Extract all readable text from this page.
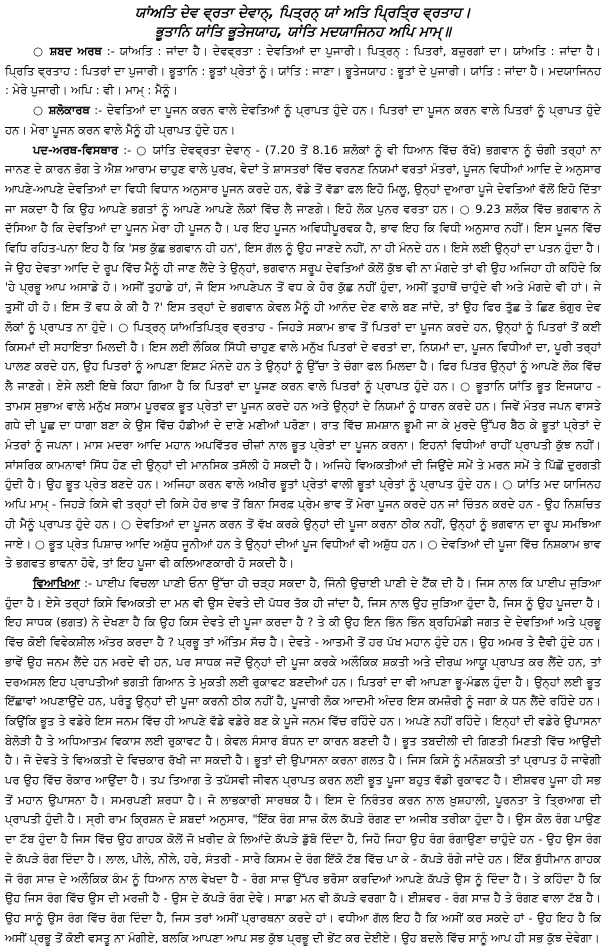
ਯਾਂਅਤਿ ਦੇਵ ਵ੍ਰਤਾ ਦੇਵਾਨ੍, ਪਿਤ੍ਰਨ੍ ਯਾਂ ਅਤਿ ਪ੍ਰਿਤ੍ਰਿ ਵ੍ਰਤਾਹ।

ਭੂਤਾਨਿ ਯਾਂਤਿ ਭੂਤੇਜਯਾਹ, ਯਾਂਤਿ ਮਦਯਾਜਿਨਹ ਅਪਿ ਮਾਮ੍॥

○ ਸ਼ਬਦ ਅਰਥ :- ਯਾਂਅਤਿ : ਜਾਂਦਾ ਹੈ। ਦੇਵਵ੍ਰਤਾ : ਦੇਵਤਿਆਂ ਦਾ ਪੁਜਾਰੀ। ਪਿਤ੍ਰਨ੍ : ਪਿਤਰਾਂ, ਬਜ਼ੁਰਗਾਂ ਦਾ। ਯਾਂਅਤਿ : ਜਾਂਦਾ ਹੈ। ਪ੍ਰਿਤਿ ਵ੍ਰਤਾਹ : ਪਿਤਰਾਂ ਦਾ ਪੁਜਾਰੀ। ਭੂਤਾਨਿ : ਭੂਤਾਂ ਪ੍ਰੇਤਾਂ ਨੂੰ। ਯਾਂਤਿ : ਜਾਣਾ। ਭੂਤੇਜਯਾਹ : ਭੂਤਾਂ ਦੇ ਪੁਜਾਰੀ। ਯਾਂਤਿ : ਜਾਂਦਾ ਹੈ। ਮਦਯਾਜਿਨਹ : ਮੇਰੇ ਪੁਜਾਰੀ। ਅਪਿ : ਵੀ। ਮਾਮ੍ : ਮੈਨੂੰ।

○ ਸ਼ਲੋਕਾਰਥ :- ਦੇਵਤਿਆਂ ਦਾ ਪੂਜਨ ਕਰਨ ਵਾਲੇ ਦੇਵਤਿਆਂ ਨੂੰ ਪ੍ਰਾਪਤ ਹੁੰਦੇ ਹਨ। ਪਿਤਰਾਂ ਦਾ ਪੂਜਨ ਕਰਨ ਵਾਲੇ ਪਿਤਰਾਂ ਨੂੰ ਪ੍ਰਾਪਤ ਹੁੰਦੇ ਹਨ। ਮੇਰਾ ਪੂਜਨ ਕਰਨ ਵਾਲੇ ਮੈਨੂੰ ਹੀ ਪ੍ਰਾਪਤ ਹੁੰਦੇ ਹਨ।

ਪਦ-ਅਰਥ-ਵਿਸਥਾਰ :- ○ ਯਾਂਤਿ ਦੇਵਵ੍ਰਤਾ ਦੇਵਾਨ੍ - (7.20 ਤੋਂ 8.16 ਸ਼ਲੋਕਾਂ ਨੂੰ ਵੀ ਧਿਆਨ ਵਿੱਚ ਰੱਖੋ) ਭਗਵਾਨ ਨੂੰ ਚੰਗੀ ਤਰ੍ਹਾਂ ਨਾ ਜਾਨਣ ਦੇ ਕਾਰਨ ਭੋਗ ਤੇ ਐਸ਼ ਆਰਾਮ ਚਾਹੁਣ ਵਾਲੇ ਪੁਰਖ, ਵੇਦਾਂ ਤੇ ਸ਼ਾਸਤਰਾਂ ਵਿੱਚ ਵਰਨਣ ਨਿਯਮਾਂ ਵਰਤਾਂ ਮੰਤਰਾਂ, ਪੂਜਨ ਵਿਧੀਆਂ ਆਦਿ ਦੇ ਅਨੁਸਾਰ ਆਪਣੇ-ਆਪਣੇ ਦੇਵਤਿਆਂ ਦਾ ਵਿਧੀ ਵਿਧਾਨ ਅਨੁਸਾਰ ਪੂਜਨ ਕਰਦੇ ਹਨ, ਵੱਡੇ ਤੋਂ ਵੱਡਾ ਫਲ ਇਹੋ ਮਿਲੂ, ਉਨ੍ਹਾਂ ਦੁਆਰਾ ਪੂਜੇ ਦੇਵਤਿਆਂ ਵੱਲੋਂ ਇਹੋ ਦਿੱਤਾ ਜਾ ਸਕਦਾ ਹੈ ਕਿ ਉਹ ਆਪਣੇ ਭਗਤਾਂ ਨੂੰ ਆਪਣੇ ਆਪਣੇ ਲੋਕਾਂ ਵਿੱਚ ਲੈ ਜਾਣਗੇ। ਇਹੋ ਲੋਕ ਪੁਨਰ ਵਰਤਾ ਹਨ। ○ 9.23 ਸ਼ਲੋਕ ਵਿੱਚ ਭਗਵਾਨ ਨੇ ਦੱਸਿਆ ਹੈ ਕਿ ਦੇਵਤਿਆਂ ਦਾ ਪੂਜਨ ਮੇਰਾ ਹੀ ਪੂਜਨ ਹੈ। ਪਰ ਇਹ ਪੂਜਨ ਅਵਿਧੀਪੂਰਵਕ ਹੈ, ਭਾਵ ਇਹ ਕਿ ਵਿਧੀ ਅਨੁਸਾਰ ਨਹੀਂ। ਇਸ ਪੂਜਨ ਵਿੱਚ ਵਿਧਿ ਰਹਿਤ-ਪਨਾ ਇਹ ਹੈ ਕਿ 'ਸਭ ਕੁੱਛ ਭਗਵਾਨ ਹੀ ਹਨ', ਇਸ ਗੱਲ ਨੂੰ ਉਹ ਜਾਣਦੇ ਨਹੀਂ, ਨਾ ਹੀ ਮੰਨਦੇ ਹਨ। ਇਸੇ ਲਈ ਉਨ੍ਹਾਂ ਦਾ ਪਤਨ ਹੁੰਦਾ ਹੈ। ਜੇ ਉਹ ਦੇਵਤਾ ਆਦਿ ਦੇ ਰੂਪ ਵਿੱਚ ਮੈਨੂੰ ਹੀ ਜਾਣ ਲੈਂਦੇ ਤੇ ਉਨ੍ਹਾਂ, ਭਗਵਾਨ ਸਰੂਪ ਦੇਵਤਿਆਂ ਕੋਲੋਂ ਕੁੱਝ ਵੀ ਨਾ ਮੰਗਦੇ ਤਾਂ ਵੀ ਉਹ ਅਜਿਹਾ ਹੀ ਕਹਿੰਦੇ ਕਿ 'ਹੇ ਪ੍ਰਭੂ ਆਪ ਅਸਾਡੇ ਹੋ। ਅਸੀਂ ਤੁਹਾਡੇ ਹਾਂ, ਜੋ ਇਸ ਆਪਣੇਪਨ ਤੋਂ ਵਧ ਕੇ ਹੋਰ ਕੁੱਛ ਨਹੀਂ ਹੁੰਦਾ, ਅਸੀਂ ਤੁਹਾਥੋਂ ਚਾਹੁੰਦੇ ਵੀ ਅਤੇ ਮੰਗਦੇ ਵੀ ਹਾਂ। ਜੇ ਤੁਸੀਂ ਹੀ ਹੋ। ਇਸ ਤੋਂ ਵਧ ਕੇ ਕੀ ਹੈ ?' ਇਸ ਤਰ੍ਹਾਂ ਦੇ ਭਗਵਾਨ ਕੇਵਲ ਮੈਨੂੰ ਹੀ ਆਨੰਦ ਦੇਣ ਵਾਲੇ ਬਣ ਜਾਂਦੇ, ਤਾਂ ਉਹ ਫਿਰ ਤੁੱਛ ਤੇ ਛਿਣ ਭੰਗੁਰ ਦੇਵ ਲੋਕਾਂ ਨੂੰ ਪ੍ਰਾਪਤ ਨਾ ਹੁੰਦੇ। ○ ਪਿਤ੍ਰਨ੍ ਯਾਂਅਤਿਪਿਤ੍ਰ ਵ੍ਰਤਾਹ - ਜਿਹੜੇ ਸਕਾਮ ਭਾਵ ਤੋਂ ਪਿਤਰਾਂ ਦਾ ਪੂਜਨ ਕਰਦੇ ਹਨ, ਉਨ੍ਹਾਂ ਨੂੰ ਪਿਤਰਾਂ ਤੋਂ ਕਈ ਕਿਸਮਾਂ ਦੀ ਸਹਾਇਤਾ ਮਿਲਦੀ ਹੈ। ਇਸ ਲਈ ਲੌਕਿਕ ਸਿੱਧੀ ਚਾਹੁਣ ਵਾਲੇ ਮਨੁੱਖ ਪਿਤਰਾਂ ਦੇ ਵਰਤਾਂ ਦਾ, ਨਿਯਮਾਂ ਦਾ, ਪੂਜਨ ਵਿਧੀਆਂ ਦਾ, ਪੂਰੀ ਤਰ੍ਹਾਂ ਪਾਲਣ ਕਰਦੇ ਹਨ, ਉਹ ਪਿਤਰਾਂ ਨੂੰ ਆਪਣਾ ਇਸ਼ਟ ਮੰਨਦੇ ਹਨ ਤੇ ਉਨ੍ਹਾਂ ਨੂੰ ਉੱਚਾ ਤੇ ਚੰਗਾ ਫਲ ਮਿਲਦਾ ਹੈ। ਫਿਰ ਪਿਤਰ ਉਨ੍ਹਾਂ ਨੂੰ ਆਪਣੇ ਲੋਕ ਵਿੱਚ ਲੈ ਜਾਣਗੇ। ਏਸੇ ਲਈ ਇਥੇ ਕਿਹਾ ਗਿਆ ਹੈ ਕਿ ਪਿਤਰਾਂ ਦਾ ਪੂਜਣ ਕਰਨ ਵਾਲੇ ਪਿਤਰਾਂ ਨੂੰ ਪ੍ਰਾਪਤ ਹੁੰਦੇ ਹਨ। ○ ਭੂਤਾਨਿ ਯਾਂਤਿ ਭੂਤ ਇਜਯਾਹ - ਤਾਮਸ ਸੁਭਾਅ ਵਾਲੇ ਮਨੁੱਖ ਸਕਾਮ ਪੂਰਵਕ ਭੂਤ ਪ੍ਰੇਤਾਂ ਦਾ ਪੂਜਨ ਕਰਦੇ ਹਨ ਅਤੇ ਉਨ੍ਹਾਂ ਦੇ ਨਿਯਮਾਂ ਨੂੰ ਧਾਰਨ ਕਰਦੇ ਹਨ। ਜਿਵੇਂ ਮੰਤਰ ਜਪਨ ਵਾਸਤੇ ਗਧੇ ਦੀ ਪੂਛ ਦਾ ਧਾਗਾ ਬਣਾ ਕੇ ਉਸ ਵਿੱਚ ਹੱਡੀਆਂ ਦੇ ਦਾਣੇ ਮਣੀਆਂ ਪਰੋਣਾ। ਰਾਤ ਵਿੱਚ ਸ਼ਮਸ਼ਾਨ ਭੂਮੀ ਜਾ ਕੇ ਮੁਰਦੇ ਉੱਪਰ ਬੈਠ ਕੇ ਭੂਤਾਂ ਪ੍ਰੇਤਾਂ ਦੇ ਮੰਤਰਾਂ ਨੂੰ ਜਪਨਾ। ਮਾਸ ਮਦਰਾ ਆਦਿ ਮਹਾਨ ਅਪਵਿੱਤਰ ਚੀਜ਼ਾਂ ਨਾਲ ਭੂਤ ਪ੍ਰੇਤਾਂ ਦਾ ਪੂਜਨ ਕਰਨਾ। ਇਹਨਾਂ ਵਿਧੀਆਂ ਰਾਹੀਂ ਪ੍ਰਾਪਤੀ ਕੁੱਝ ਨਹੀਂ। ਸਾਂਸਰਿਕ ਕਾਮਨਾਵਾਂ ਸਿੱਧ ਹੋਣ ਦੀ ਉਨ੍ਹਾਂ ਦੀ ਮਾਨਸਿਕ ਤਸੱਲੀ ਹੋ ਸਕਦੀ ਹੈ। ਅਜਿਹੇ ਵਿਅਕਤੀਆਂ ਦੀ ਜਿਉਂਦੇ ਸਮੇਂ ਤੇ ਮਰਨ ਸਮੇਂ ਤੇ ਪਿੱਛੋਂ ਦੁਰਗਤੀ ਹੁੰਦੀ ਹੈ। ਉਹ ਭੂਤ ਪ੍ਰੇਤ ਬਣਦੇ ਹਨ। ਅਜਿਹਾ ਕਰਨ ਵਾਲੇ ਅਖ਼ੀਰ ਭੂਤਾਂ ਪ੍ਰੇਤਾਂ ਵਾਲੀ ਭੂਤਾਂ ਪ੍ਰੇਤਾਂ ਨੂੰ ਪ੍ਰਾਪਤ ਹੁੰਦੇ ਹਨ। ○ ਯਾਂਤਿ ਮਦ ਯਾਜਿਨਹ ਅਪਿ ਮਾਮ੍ - ਜਿਹੜੇ ਕਿਸੇ ਵੀ ਤਰ੍ਹਾਂ ਦੀ ਕਿਸੇ ਹੋਰ ਭਾਵ ਤੋਂ ਬਿਨਾ ਸਿਰਫ਼ ਪ੍ਰੇਮ ਭਾਵ ਤੋਂ ਮੇਰਾ ਪੂਜਨ ਕਰਦੇ ਹਨ ਜਾਂ ਚਿੰਤਨ ਕਰਦੇ ਹਨ - ਉਹ ਨਿਸ਼ਚਿਤ ਹੀ ਮੈਨੂੰ ਪ੍ਰਾਪਤ ਹੁੰਦੇ ਹਨ। ○ ਦੇਵਤਿਆਂ ਦਾ ਪੂਜਨ ਕਰਨ ਤੋਂ ਵੱਖ ਕਰਕੇ ਉਨ੍ਹਾਂ ਦੀ ਪੂਜਾ ਕਰਨਾ ਠੀਕ ਨਹੀਂ, ਉਨ੍ਹਾਂ ਨੂੰ ਭਗਵਾਨ ਦਾ ਰੂਪ ਸਮਝਿਆ ਜਾਏ। ○ ਭੂਤ ਪ੍ਰੇਤ ਪਿਸ਼ਾਚ ਆਦਿ ਅਸ਼ੁੱਧ ਜੂਨੀਆਂ ਹਨ ਤੇ ਉਨ੍ਹਾਂ ਦੀਆਂ ਪੂਜ ਵਿਧੀਆਂ ਵੀ ਅਸ਼ੁੱਧ ਹਨ। ○ ਦੇਵਤਿਆਂ ਦੀ ਪੂਜਾ ਵਿੱਚ ਨਿਸ਼ਕਾਮ ਭਾਵ ਤੇ ਭਗਵਤ ਭਾਵਨਾ ਹੋਵੇ, ਤਾਂ ਇਹ ਪੂਜਾ ਵੀ ਕਲਿਆਣਕਾਰੀ ਹੋ ਸਕਦੀ ਹੈ।

ਵਿਆਖਿਆ :- ਪਾਈਪ ਵਿਚਲਾ ਪਾਣੀ ਓਨਾ ਉੱਚਾ ਹੀ ਚੜ੍ਹ ਸਕਦਾ ਹੈ, ਜਿੰਨੀ ਉਚਾਈ ਪਾਣੀ ਦੇ ਟੈਂਕ ਦੀ ਹੈ। ਜਿਸ ਨਾਲ ਕਿ ਪਾਈਪ ਜੁੜਿਆ ਹੁੰਦਾ ਹੈ। ਏਸੇ ਤਰ੍ਹਾਂ ਕਿਸੇ ਵਿਅਕਤੀ ਦਾ ਮਨ ਵੀ ਉਸ ਦੇਵਤੇ ਦੀ ਪੱਧਰ ਤੱਕ ਹੀ ਜਾਂਦਾ ਹੈ, ਜਿਸ ਨਾਲ ਉਹ ਜੁੜਿਆ ਹੁੰਦਾ ਹੈ, ਜਿਸ ਨੂੰ ਉਹ ਪੂਜਦਾ ਹੈ। ਇਹ ਸਾਧਕ (ਭਗਤ) ਨੇ ਦੇਖਣਾ ਹੈ ਕਿ ਉਹ ਕਿਸ ਦੇਵਤੇ ਦੀ ਪੂਜਾ ਕਰਦਾ ਹੈ ? ਤੇ ਕੀ ਉਹ ਇਨ ਭਿੰਨ ਭਿੰਨ ਬ੍ਰਹਿਮੰਡੀ ਜਗਤ ਦੇ ਦੇਵਤਿਆਂ ਅਤੇ ਪ੍ਰਭੂ ਵਿੱਚ ਕੋਈ ਵਿਵੇਕਸ਼ੀਲ ਅੰਤਰ ਕਰਦਾ ਹੈ ? ਪ੍ਰਭੂ ਤਾਂ ਅੰਤਿਮ ਸੱਚ ਹੈ। ਦੇਵਤੇ - ਆਤਮੀ ਤੋਂ ਹਰ ਪੱਖ ਮਹਾਨ ਹੁੰਦੇ ਹਨ। ਉਹ ਅਮਰ ਤੇ ਦੈਵੀ ਹੁੰਦੇ ਹਨ। ਭਾਵੇਂ ਉਹ ਜਨਮ ਲੈਂਦੇ ਹਨ ਮਰਦੇ ਵੀ ਹਨ, ਪਰ ਸਾਧਕ ਜਦੋਂ ਉਨ੍ਹਾਂ ਦੀ ਪੂਜਾ ਕਰਕੇ ਅਲੌਕਿਕ ਸ਼ਕਤੀ ਅਤੇ ਦੀਰਘ ਆਯੂ ਪ੍ਰਾਪਤ ਕਰ ਲੈਂਦੇ ਹਨ, ਤਾਂ ਦਰਅਸਲ ਇਹ ਪ੍ਰਾਪਤੀਆਂ ਭਗਤੀ ਗਿਆਨ ਤੇ ਮੁਕਤੀ ਲਈ ਰੁਕਾਵਟ ਬਣਦੀਆਂ ਹਨ। ਪਿਤਰਾਂ ਦਾ ਵੀ ਆਪਣਾ ਭੂ-ਮੰਡਲ ਹੁੰਦਾ ਹੈ। ਉਨ੍ਹਾਂ ਲਈ ਭੂਤ ਇੱਛਾਵਾਂ ਅਪਣਾਉਂਦੇ ਹਨ, ਪਰੰਤੂ ਉਨ੍ਹਾਂ ਦੀ ਪੂਜਾ ਕਰਨੀ ਠੀਕ ਨਹੀਂ ਹੈ, ਪੂਜਾਰੀ ਲੋਕ ਆਦਮੀ ਅੰਦਰ ਇਸ ਕਮਜ਼ੋਰੀ ਨੂੰ ਜਗਾ ਕੇ ਧਨ ਲੈਂਦੇ ਰਹਿੰਦੇ ਹਨ। ਕਿਉਂਕਿ ਭੂਤ ਤੇ ਵਡੇਰੇ ਇਸ ਜਨਮ ਵਿੱਚ ਹੀ ਆਪਣੇ ਵੱਡੇ ਵਡੇਰੇ ਬਣ ਕੇ ਪੂਜੇ ਜਨਮ ਵਿੱਚ ਰਹਿੰਦੇ ਹਨ। ਅਪਣੇ ਨਹੀਂ ਰਹਿੰਦੇ। ਇਨ੍ਹਾਂ ਦੀ ਵਡੇਰੇ ਉਪਾਸਨਾ ਬੇਲੋੜੀ ਹੈ ਤੇ ਅਧਿਆਤਮ ਵਿਕਾਸ ਲਈ ਰੁਕਾਵਟ ਹੈ। ਕੇਵਲ ਸੰਸਾਰ ਬੰਧਨ ਦਾ ਕਾਰਨ ਬਣਦੀ ਹੈ। ਭੂਤ ਤਬਦੀਲੀ ਦੀ ਗਿਣਤੀ ਮਿਣਤੀ ਵਿੱਚ ਆਉਂਦੀ ਹੈ। ਜੋ ਦੇਵਤੇ ਤੇ ਵਿਅਕਤੀ ਦੇ ਵਿਚਕਾਰ ਰੱਖੀ ਜਾ ਸਕਦੀ ਹੈ। ਭੂਤਾਂ ਦੀ ਉਪਾਸਨਾ ਕਰਨਾ ਗਲਤ ਹੈ। ਜਿਸ ਕਿਸੇ ਨੂੰ ਮਨੋਸ਼ਕਤੀ ਤਾਂ ਪ੍ਰਾਪਤ ਹੋ ਜਾਵੇਗੀ ਪਰ ਉਹ ਵਿੱਚ ਰੋਕਾਰ ਆਉਂਦਾ ਹੈ। ਤਪ ਤਿਆਗ ਤੇ ਤਪੱਸਵੀ ਜੀਵਨ ਪ੍ਰਾਪਤ ਕਰਨ ਲਈ ਭੂਤ ਪੂਜਾ ਬਹੁਤ ਵੱਡੀ ਰੁਕਾਵਟ ਹੈ। ਈਸ਼ਵਰ ਪੂਜਾ ਹੀ ਸਭ ਤੋਂ ਮਹਾਨ ਉਪਾਸਨਾ ਹੈ। ਸਮਰਪਣੀ ਸ਼ਰਧਾ ਹੈ। ਜੋ ਲਾਭਕਾਰੀ ਸਾਰਥਕ ਹੈ। ਇਸ ਦੇ ਨਿਰੰਤਰ ਕਰਨ ਨਾਲ ਖ਼ੁਸ਼ਹਾਲੀ, ਪੂਰਨਤਾ ਤੇ ਤ੍ਰਿਆਗ ਦੀ ਪ੍ਰਾਪਤੀ ਹੁੰਦੀ ਹੈ। ਸ੍ਰੀ ਰਾਮ ਕ੍ਰਿਸ਼ਨ ਦੇ ਸ਼ਬਦਾਂ ਅਨੁਸਾਰ, "ਇੱਕ ਰੰਗ ਸਾਜ਼ ਕੋਲ ਕੱਪੜੇ ਰੰਗਣ ਦਾ ਅਜੀਬ ਤਰੀਕਾ ਹੁੰਦਾ ਹੈ। ਉਸ ਕੋਲ ਰੰਗ ਪਾਉਣ ਦਾ ਟੱਬ ਹੁੰਦਾ ਹੈ ਜਿਸ ਵਿੱਚ ਉਹ ਗਾਹਕ ਕੋਲੋਂ ਜੋ ਖ਼ਰੀਦ ਕੇ ਲਿਆਂਦੇ ਕੱਪੜੇ ਡੁੱਬੋ ਦਿੰਦਾ ਹੈ, ਜਿਹੋ ਜਿਹਾ ਉਹ ਰੰਗ ਰੰਗਾਉਣਾ ਚਾਹੁੰਦੇ ਹਨ - ਉਹ ਉਸ ਰੰਗ ਦੇ ਕੱਪੜੇ ਰੰਗ ਦਿੰਦਾ ਹੈ। ਲਾਲ, ਪੀਲੇ, ਨੀਲੇ, ਹਰੇ, ਸੰਤਰੀ - ਸਾਰੇ ਕਿਸਮ ਦੇ ਰੰਗ ਇੱਕੋ ਟੱਬ ਵਿੱਚ ਪਾ ਕੇ - ਕੱਪੜੇ ਰੰਗੇ ਜਾਂਦੇ ਹਨ। ਇੱਕ ਬੁੱਧੀਮਾਨ ਗਾਹਕ ਜੋ ਰੰਗ ਸਾਜ਼ ਦੇ ਅਲੌਕਿਕ ਕੰਮ ਨੂੰ ਧਿਆਨ ਨਾਲ ਵੇਖਦਾ ਹੈ - ਰੰਗ ਸਾਜ਼ ਉੱਪਰ ਭਰੋਸਾ ਕਰਦਿਆਂ ਆਪਣੇ ਕੱਪੜੇ ਉਸ ਨੂੰ ਦਿੰਦਾ ਹੈ। ਤੇ ਕਹਿੰਦਾ ਹੈ ਕਿ ਉਹ ਜਿਸ ਰੰਗ ਵਿੱਚ ਉਸ ਦੀ ਮਰਜ਼ੀ ਹੈ - ਉਸ ਦੇ ਕੱਪੜੇ ਰੰਗ ਦੇਵੇ। ਸਾਡਾ ਮਨ ਵੀ ਕੱਪੜੇ ਵਰਗਾ ਹੈ। ਈਸ਼ਵਰ - ਰੰਗ ਸਾਜ਼ ਹੈ ਤੇ ਰੰਗਣ ਵਾਲਾ ਟੱਬ ਹੈ। ਉਹ ਸਾਨੂੰ ਉਸ ਰੰਗ ਵਿੱਚ ਰੰਗ ਦਿੰਦਾ ਹੈ, ਜਿਸ ਤਰਾਂ ਅਸੀਂ ਪ੍ਰਾਰਥਨਾ ਕਰਦੇ ਹਾਂ। ਵਧੀਆ ਗੱਲ ਇਹ ਹੈ ਕਿ ਅਸੀਂ ਕਰ ਸਕਦੇ ਹਾਂ - ਉਹ ਇਹ ਹੈ ਕਿ ਅਸੀਂ ਪ੍ਰਭੂ ਤੋਂ ਕੋਈ ਵਸਤੂ ਨਾ ਮੰਗੀਏ, ਬਲਕਿ ਆਪਣਾ ਆਪ ਸਭ ਕੁੱਝ ਪ੍ਰਭੂ ਦੀ ਭੇਂਟ ਕਰ ਦੇਈਏ। ਉਹ ਬਦਲੇ ਵਿੱਚ ਸਾਨੂੰ ਆਪ ਹੀ ਸਭ ਕੁੱਝ ਦੇਵੇਗਾ।
